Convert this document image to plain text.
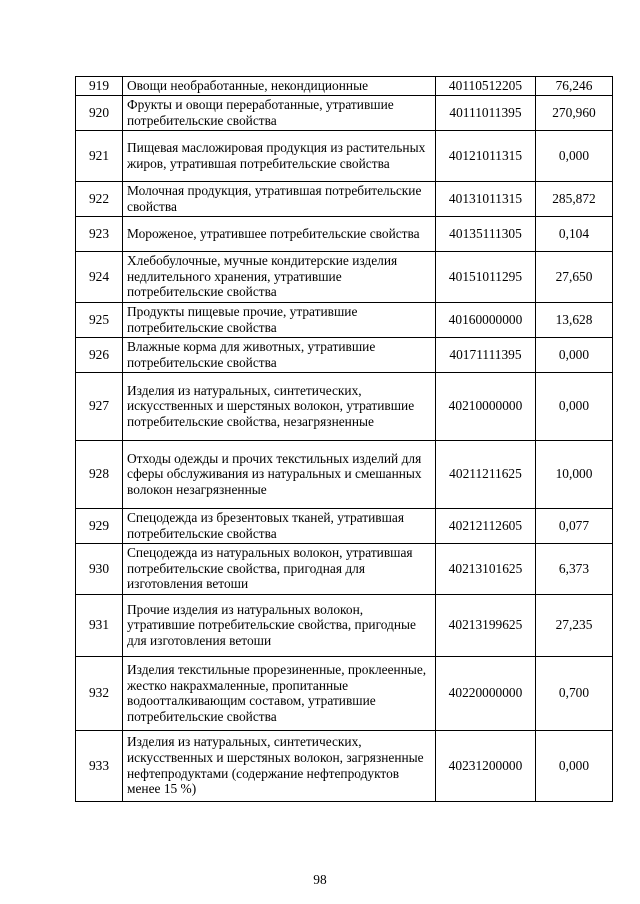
919	Овощи необработанные, некондиционные	40110512205	76,246
920	Фрукты и овощи переработанные, утратившие потребительские свойства	40111011395	270,960
921	Пищевая масложировая продукция из растительных жиров, утратившая потребительские свойства	40121011315	0,000
922	Молочная продукция, утратившая потребительские свойства	40131011315	285,872
923	Мороженое, утратившее потребительские свойства	40135111305	0,104
924	Хлебобулочные, мучные кондитерские изделия недлительного хранения, утратившие потребительские свойства	40151011295	27,650
925	Продукты пищевые прочие, утратившие потребительские свойства	40160000000	13,628
926	Влажные корма для животных, утратившие потребительские свойства	40171111395	0,000
927	Изделия из натуральных, синтетических, искусственных и шерстяных волокон, утратившие потребительские свойства, незагрязненные	40210000000	0,000
928	Отходы одежды и прочих текстильных изделий для сферы обслуживания из натуральных и смешанных волокон незагрязненные	40211211625	10,000
929	Спецодежда из брезентовых тканей, утратившая потребительские свойства	40212112605	0,077
930	Спецодежда из натуральных волокон, утратившая потребительские свойства, пригодная для изготовления ветоши	40213101625	6,373
931	Прочие изделия из натуральных волокон, утратившие потребительские свойства, пригодные для изготовления ветоши	40213199625	27,235
932	Изделия текстильные прорезиненные, проклеенные, жестко накрахмаленные, пропитанные водоотталкивающим составом, утратившие потребительские свойства	40220000000	0,700
933	Изделия из натуральных, синтетических, искусственных и шерстяных волокон, загрязненные нефтепродуктами (содержание нефтепродуктов менее 15 %)	40231200000	0,000
98
